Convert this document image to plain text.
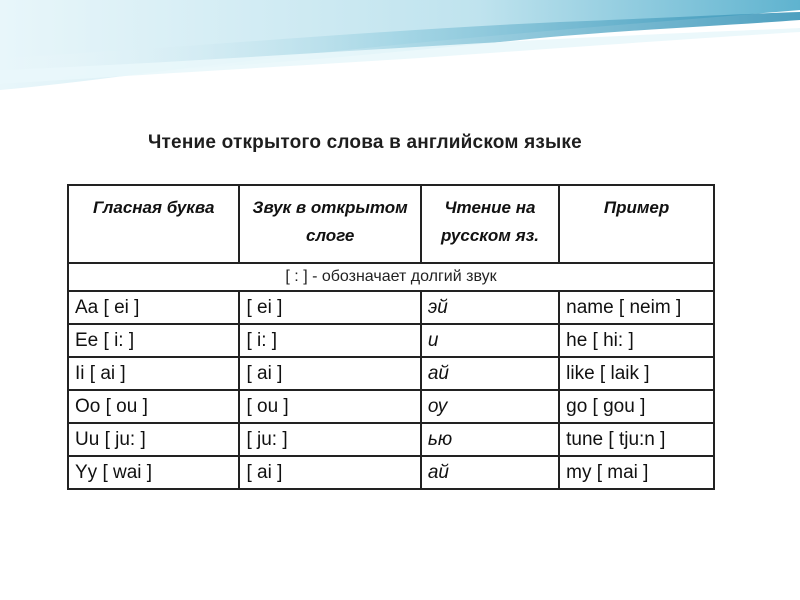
Чтение открытого слова в английском языке
Гласная буква	Звук в открытом слоге	Чтение на русском яз.	Пример
[ : ] - обозначает долгий звук			
Aa [ ei ]	[ ei ]	эй	name [ neim ]
Ee [ i: ]	[ i: ]	и	he [ hi: ]
Ii [ ai ]	[ ai ]	ай	like [ laik ]
Oo [ ou ]	[ ou ]	оу	go [ gou ]
Uu [ ju: ]	[ ju: ]	ью	tune [ tju:n ]
Yy [ wai ]	[ ai ]	ай	my [ mai ]
